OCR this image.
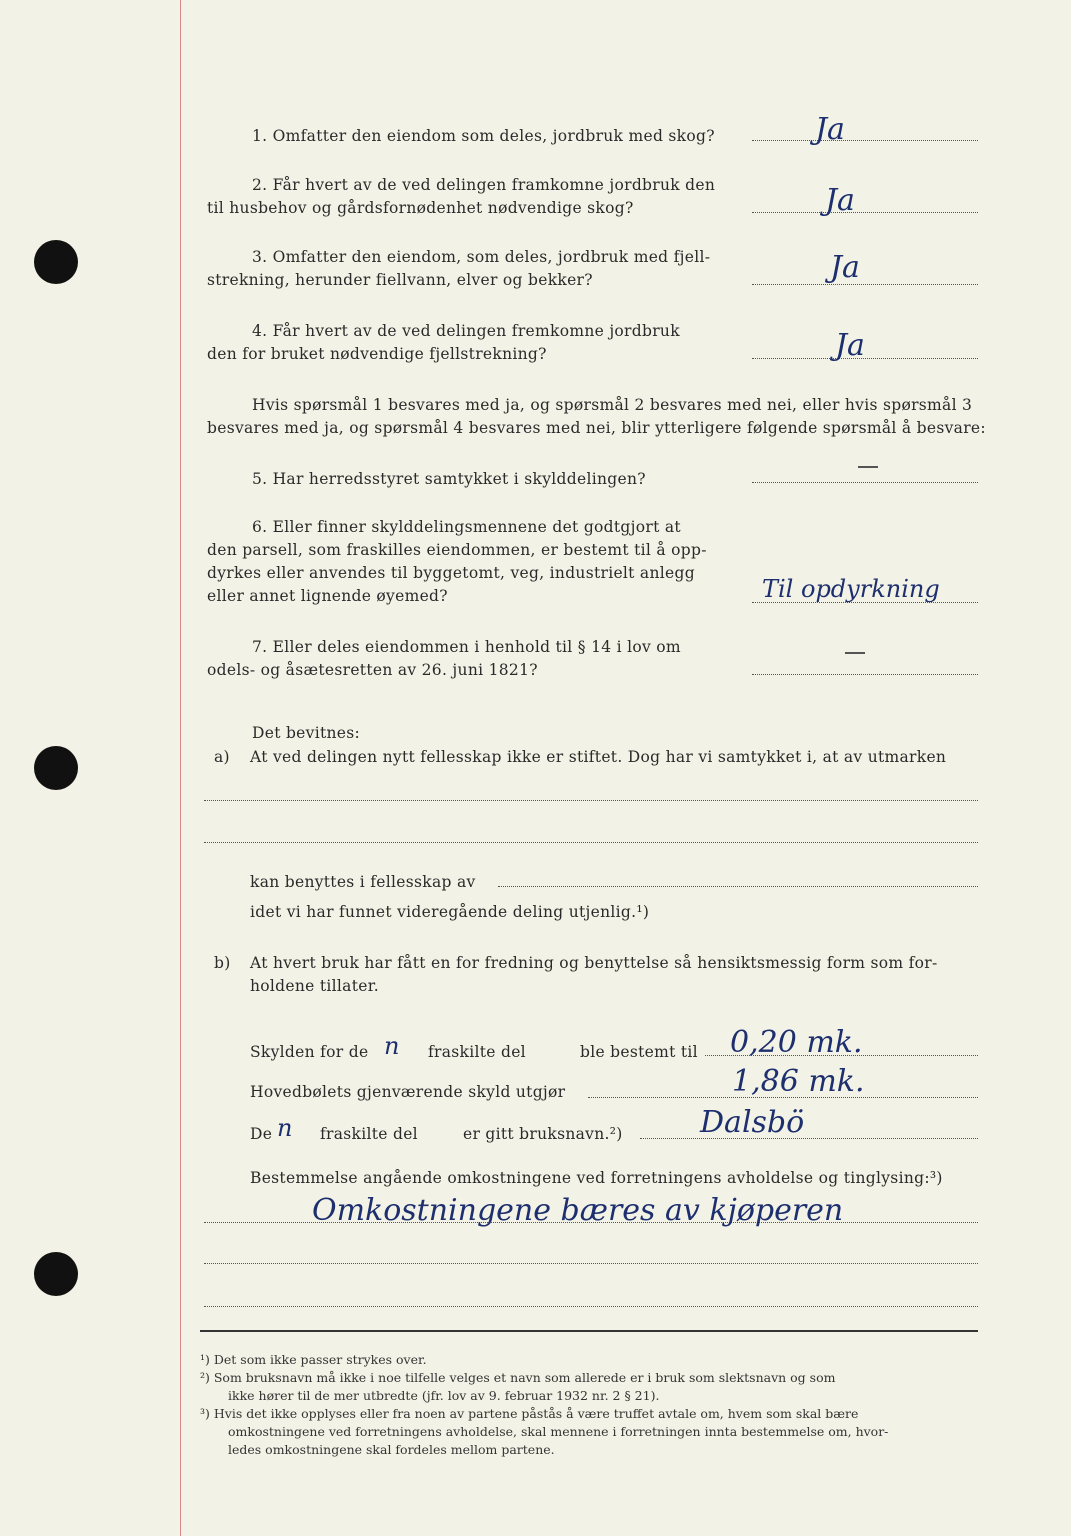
1. Omfatter den eiendom som deles, jordbruk med skog?	Ja
2. Får hvert av de ved delingen framkomne jordbruk den
til husbehov og gårdsfornødenhet nødvendige skog?	Ja
3. Omfatter den eiendom, som deles, jordbruk med fjell-
strekning, herunder fiellvann, elver og bekker?	Ja
4. Får hvert av de ved delingen fremkomne jordbruk
den for bruket nødvendige fjellstrekning?	Ja
Hvis spørsmål 1 besvares med ja, og spørsmål 2 besvares med nei, eller hvis spørsmål 3
besvares med ja, og spørsmål 4 besvares med nei, blir ytterligere følgende spørsmål å besvare:
5. Har herredsstyret samtykket i skylddelingen?
6. Eller finner skylddelingsmennene det godtgjort at
den parsell, som fraskilles eiendommen, er bestemt til å opp-
dyrkes eller anvendes til byggetomt, veg, industrielt anlegg
eller annet lignende øyemed?	Til opdyrkning
7. Eller deles eiendommen i henhold til § 14 i lov om
odels- og åsætesretten av 26. juni 1821?
Det bevitnes:
a) At ved delingen nytt fellesskap ikke er stiftet. Dog har vi samtykket i, at av utmarken
kan benyttes i fellesskap av
idet vi har funnet videregående deling utjenlig.¹)
b) At hvert bruk har fått en for fredning og benyttelse så hensiktsmessig form som for-
holdene tillater.
Skylden for de n fraskilte del	ble bestemt til 0,20 mk.
Hovedbølets gjenværende skyld utgjør	1,86 mk.
De n fraskilte del	er gitt bruksnavn.²)	Dalsbö
Bestemmelse angående omkostningene ved forretningens avholdelse og tinglysing:³)
Omkostningene bæres av kjøperen
¹) Det som ikke passer strykes over.
²) Som bruksnavn må ikke i noe tilfelle velges et navn som allerede er i bruk som slektsnavn og som
ikke hører til de mer utbredte (jfr. lov av 9. februar 1932 nr. 2 § 21).
³) Hvis det ikke opplyses eller fra noen av partene påstås å være truffet avtale om, hvem som skal bære
omkostningene ved forretningens avholdelse, skal mennene i forretningen innta bestemmelse om, hvor-
ledes omkostningene skal fordeles mellom partene.
